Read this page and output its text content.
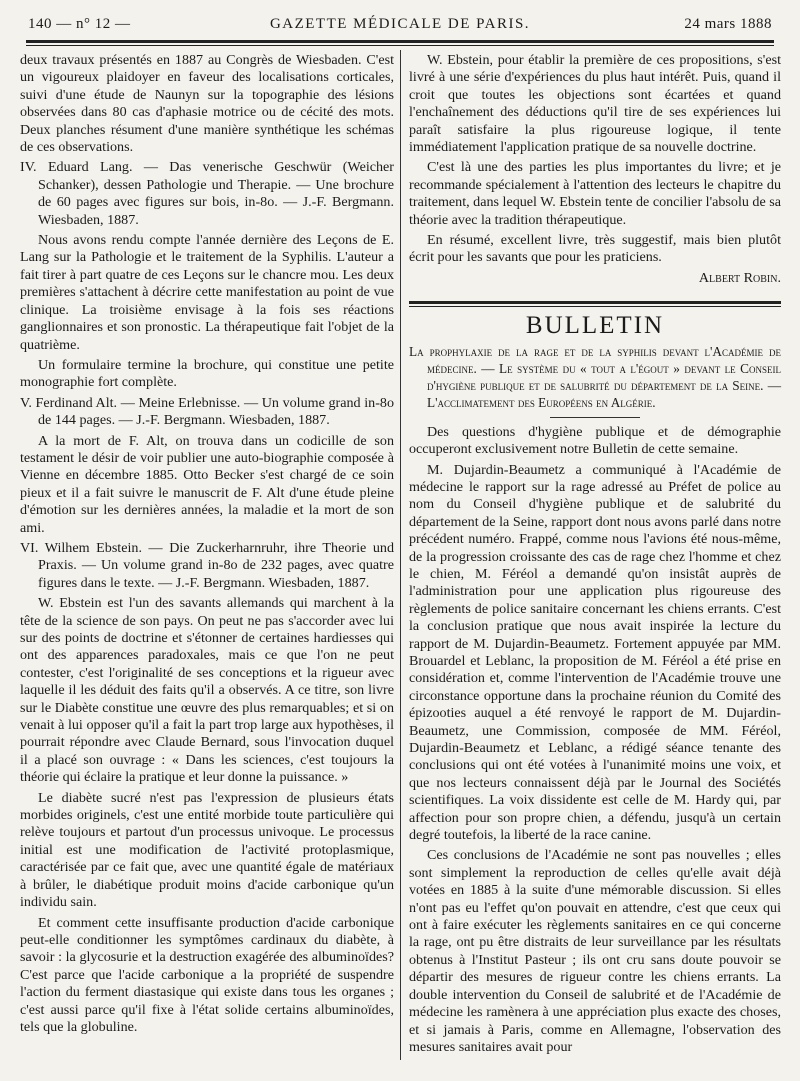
140 — n° 12 —	GAZETTE MÉDICALE DE PARIS.	24 mars 1888

deux travaux présentés en 1887 au Congrès de Wiesbaden. C'est un vigoureux plaidoyer en faveur des localisations corticales, suivi d'une étude de Naunyn sur la topographie des lésions observées dans 80 cas d'aphasie motrice ou de cécité des mots. Deux planches résument d'une manière synthétique les schémas de ces observations.

IV. Eduard Lang. — Das venerische Geschwür (Weicher Schanker), dessen Pathologie und Therapie. — Une brochure de 60 pages avec figures sur bois, in-8o. — J.-F. Bergmann. Wiesbaden, 1887.

Nous avons rendu compte l'année dernière des Leçons de E. Lang sur la Pathologie et le traitement de la Syphilis. L'auteur a fait tirer à part quatre de ces Leçons sur le chancre mou. Les deux premières s'attachent à décrire cette manifestation au point de vue clinique. La troisième envisage à la fois ses réactions ganglionnaires et son pronostic. La thérapeutique fait l'objet de la quatrième.

Un formulaire termine la brochure, qui constitue une petite monographie fort complète.

V. Ferdinand Alt. — Meine Erlebnisse. — Un volume grand in-8o de 144 pages. — J.-F. Bergmann. Wiesbaden, 1887.

A la mort de F. Alt, on trouva dans un codicille de son testament le désir de voir publier une auto-biographie composée à Vienne en décembre 1885. Otto Becker s'est chargé de ce soin pieux et il a fait suivre le manuscrit de F. Alt d'une étude pleine d'émotion sur les dernières années, la maladie et la mort de son ami.

VI. Wilhem Ebstein. — Die Zuckerharnruhr, ihre Theorie und Praxis. — Un volume grand in-8o de 232 pages, avec quatre figures dans le texte. — J.-F. Bergmann. Wiesbaden, 1887.

W. Ebstein est l'un des savants allemands qui marchent à la tête de la science de son pays. On peut ne pas s'accorder avec lui sur des points de doctrine et s'étonner de certaines hardiesses qui ont des apparences paradoxales, mais ce que l'on ne peut contester, c'est l'originalité de ses conceptions et la rigueur avec laquelle il les déduit des faits qu'il a observés. A ce titre, son livre sur le Diabète constitue une œuvre des plus remarquables; et si on venait à lui opposer qu'il a fait la part trop large aux hypothèses, il pourrait répondre avec Claude Bernard, sous l'invocation duquel il a placé son ouvrage : « Dans les sciences, c'est toujours la théorie qui éclaire la pratique et leur donne la puissance. »

Le diabète sucré n'est pas l'expression de plusieurs états morbides originels, c'est une entité morbide toute particulière qui relève toujours et partout d'un processus univoque. Le processus initial est une modification de l'activité protoplasmique, caractérisée par ce fait que, avec une quantité égale de matériaux à brûler, le diabétique produit moins d'acide carbonique qu'un individu sain.

Et comment cette insuffisante production d'acide carbonique peut-elle conditionner les symptômes cardinaux du diabète, à savoir : la glycosurie et la destruction exagérée des albuminoïdes? C'est parce que l'acide carbonique a la propriété de suspendre l'action du ferment diastasique qui existe dans tous les organes ; c'est aussi parce qu'il fixe à l'état solide certains albuminoïdes, tels que la globuline.

W. Ebstein, pour établir la première de ces propositions, s'est livré à une série d'expériences du plus haut intérêt. Puis, quand il croit que toutes les objections sont écartées et quand l'enchaînement des déductions qu'il tire de ses expériences lui paraît satisfaire la plus rigoureuse logique, il tente immédiatement l'application pratique de sa nouvelle doctrine.

C'est là une des parties les plus importantes du livre; et je recommande spécialement à l'attention des lecteurs le chapitre du traitement, dans lequel W. Ebstein tente de concilier l'absolu de sa théorie avec la tradition thérapeutique.

En résumé, excellent livre, très suggestif, mais bien plutôt écrit pour les savants que pour les praticiens.

Albert Robin.

BULLETIN

La prophylaxie de la rage et de la syphilis devant l'Académie de médecine. — Le système du « tout a l'égout » devant le Conseil d'hygiène publique et de salubrité du département de la Seine. — L'acclimatement des Européens en Algérie.

Des questions d'hygiène publique et de démographie occuperont exclusivement notre Bulletin de cette semaine.

M. Dujardin-Beaumetz a communiqué à l'Académie de médecine le rapport sur la rage adressé au Préfet de police au nom du Conseil d'hygiène publique et de salubrité du département de la Seine, rapport dont nous avons parlé dans notre précédent numéro. Frappé, comme nous l'avions été nous-même, de la progression croissante des cas de rage chez l'homme et chez le chien, M. Féréol a demandé qu'on insistât auprès de l'administration pour une application plus rigoureuse des règlements de police sanitaire concernant les chiens errants. C'est la conclusion pratique que nous avait inspirée la lecture du rapport de M. Dujardin-Beaumetz. Fortement appuyée par MM. Brouardel et Leblanc, la proposition de M. Féréol a été prise en considération et, comme l'intervention de l'Académie trouve une circonstance opportune dans la prochaine réunion du Comité des épizooties auquel a été renvoyé le rapport de M. Dujardin-Beaumetz, une Commission, composée de MM. Féréol, Dujardin-Beaumetz et Leblanc, a rédigé séance tenante des conclusions qui ont été votées à l'unanimité moins une voix, et que nos lecteurs connaissent déjà par le Journal des Sociétés scientifiques. La voix dissidente est celle de M. Hardy qui, par affection pour son propre chien, a défendu, jusqu'à un certain degré toutefois, la liberté de la race canine.

Ces conclusions de l'Académie ne sont pas nouvelles ; elles sont simplement la reproduction de celles qu'elle avait déjà votées en 1885 à la suite d'une mémorable discussion. Si elles n'ont pas eu l'effet qu'on pouvait en attendre, c'est que ceux qui ont à faire exécuter les règlements sanitaires en ce qui concerne la rage, ont pu être distraits de leur surveillance par les résultats obtenus à l'Institut Pasteur ; ils ont cru sans doute pouvoir se départir des mesures de rigueur contre les chiens errants. La double intervention du Conseil de salubrité et de l'Académie de médecine les ramènera à une appréciation plus exacte des choses, et si jamais à Paris, comme en Allemagne, l'observation des mesures sanitaires avait pour
